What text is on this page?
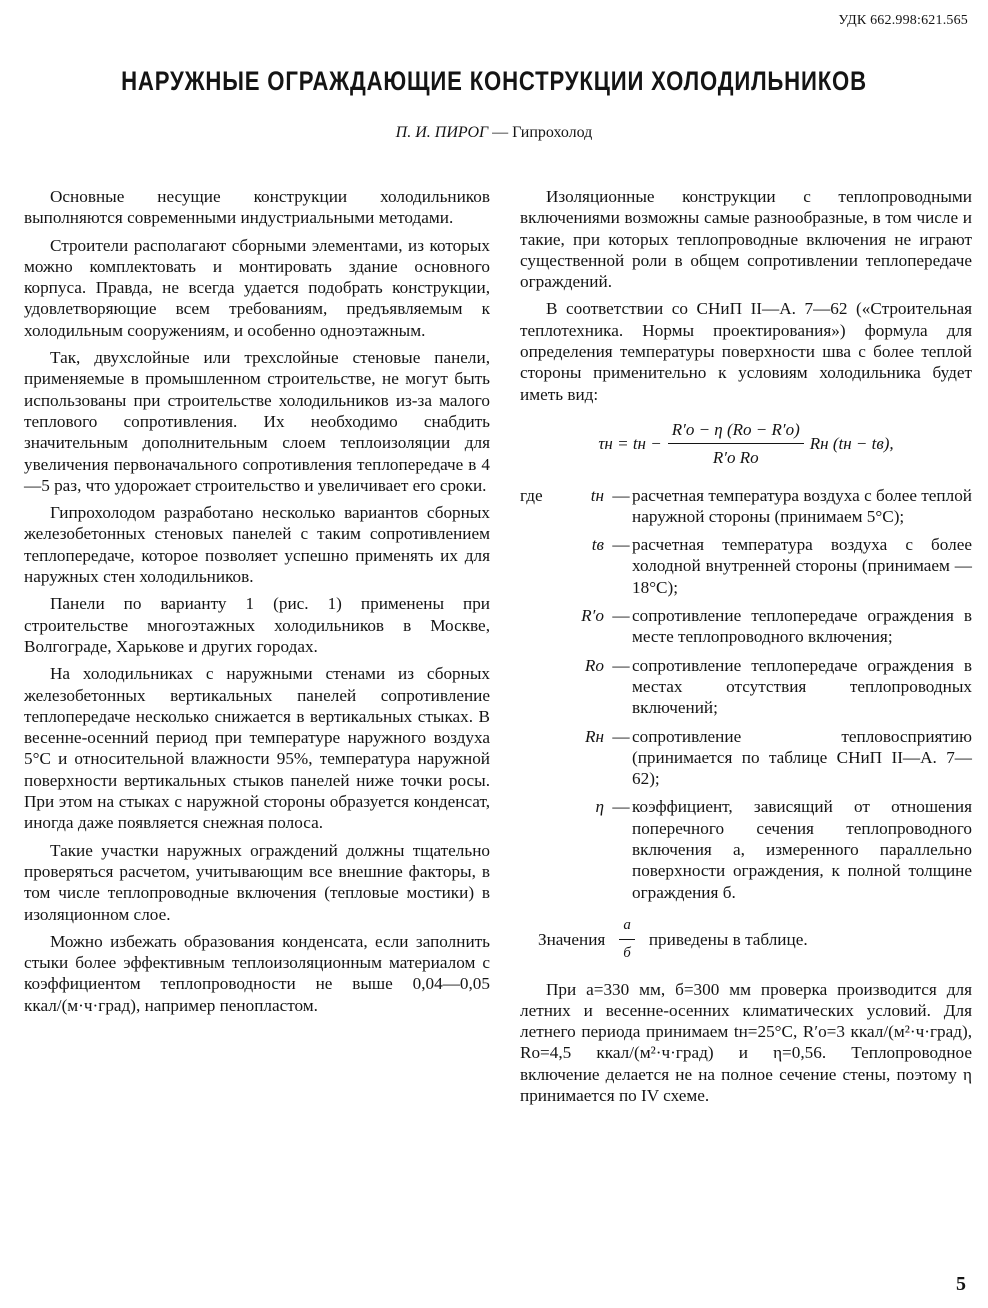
УДК 662.998:621.565
НАРУЖНЫЕ ОГРАЖДАЮЩИЕ КОНСТРУКЦИИ ХОЛОДИЛЬНИКОВ
П. И. ПИРОГ — Гипрохолод

Основные несущие конструкции холодильников выполняются современными индустриальными методами.

Строители располагают сборными элементами, из которых можно комплектовать и монтировать здание основного корпуса. Правда, не всегда удается подобрать конструкции, удовлетворяющие всем требованиям, предъявляемым к холодильным сооружениям, и особенно одноэтажным.

Так, двухслойные или трехслойные стеновые панели, применяемые в промышленном строительстве, не могут быть использованы при строительстве холодильников из-за малого теплового сопротивления. Их необходимо снабдить значительным дополнительным слоем теплоизоляции для увеличения первоначального сопротивления теплопередаче в 4—5 раз, что удорожает строительство и увеличивает его сроки.

Гипрохолодом разработано несколько вариантов сборных железобетонных стеновых панелей с таким сопротивлением теплопередаче, которое позволяет успешно применять их для наружных стен холодильников.

Панели по варианту 1 (рис. 1) применены при строительстве многоэтажных холодильников в Москве, Волгограде, Харькове и других городах.

На холодильниках с наружными стенами из сборных железобетонных вертикальных панелей сопротивление теплопередаче несколько снижается в вертикальных стыках. В весенне-осенний период при температуре наружного воздуха 5°С и относительной влажности 95%, температура наружной поверхности вертикальных стыков панелей ниже точки росы. При этом на стыках с наружной стороны образуется конденсат, иногда даже появляется снежная полоса.

Такие участки наружных ограждений должны тщательно проверяться расчетом, учитывающим все внешние факторы, в том числе теплопроводные включения (тепловые мостики) в изоляционном слое.

Можно избежать образования конденсата, если заполнить стыки более эффективным теплоизоляционным материалом с коэффициентом теплопроводности не выше 0,04—0,05 ккал/(м·ч·град), например пенопластом.

Изоляционные конструкции с теплопроводными включениями возможны самые разнообразные, в том числе и такие, при которых теплопроводные включения не играют существенной роли в общем сопротивлении теплопередаче ограждений.

В соответствии со СНиП II—А. 7—62 («Строительная теплотехника. Нормы проектирования») формула для определения температуры поверхности шва с более теплой стороны применительно к условиям холодильника будет иметь вид:

τн = tн − $\frac{R'о - \eta (Rо - R'о)}{\text{R′о Rо}}$ Rн (tн − tв),
где	tн — расчетная температура воздуха с более теплой наружной стороны (принимаем 5°С);
tв — расчетная температура воздуха с более холодной внутренней стороны (принимаем —18°С);
R′о — сопротивление теплопередаче ограждения в месте теплопроводного включения;
Rо — сопротивление теплопередаче ограждения в местах отсутствия теплопроводных включений;
Rн — сопротивление тепловосприятию (принимается по таблице СНиП II—А. 7—62);
η — коэффициент, зависящий от отношения поперечного сечения теплопроводного включения а, измеренного параллельно поверхности ограждения, к полной толщине ограждения б.
Значения $\frac{а}{б}$ приведены в таблице.

При а=330 мм, б=300 мм проверка производится для летних и весенне-осенних климатических условий. Для летнего периода принимаем tн=25°С, R′о=3 ккал/(м²·ч·град), Rо=4,5 ккал/(м²·ч·град) и η=0,56. Теплопроводное включение делается не на полное сечение стены, поэтому η принимается по IV схеме.

5
